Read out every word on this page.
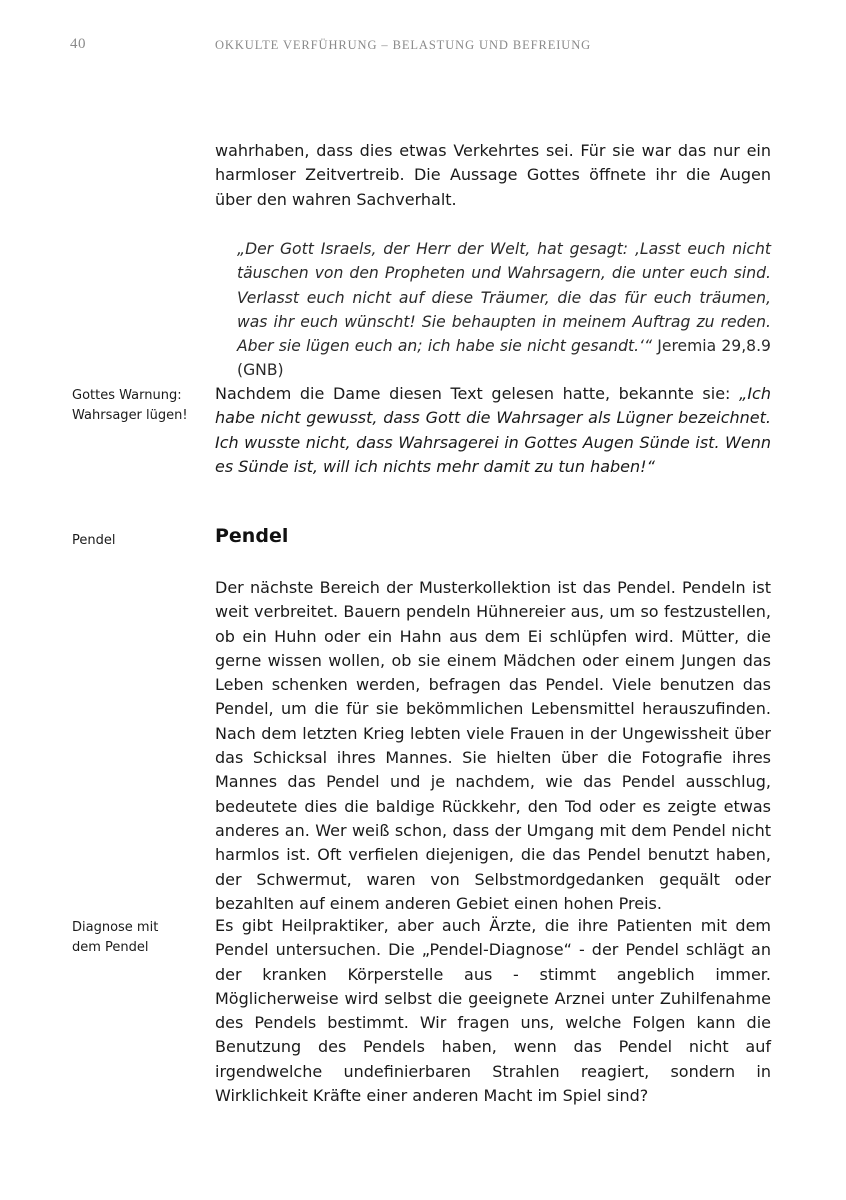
40	OKKULTE VERFÜHRUNG – BELASTUNG UND BEFREIUNG

wahrhaben, dass dies etwas Verkehrtes sei. Für sie war das nur ein harmloser Zeitvertreib. Die Aussage Gottes öffnete ihr die Augen über den wahren Sachverhalt.

„Der Gott Israels, der Herr der Welt, hat gesagt: ‚Lasst euch nicht täuschen von den Propheten und Wahrsagern, die unter euch sind. Verlasst euch nicht auf diese Träumer, die das für euch träumen, was ihr euch wünscht! Sie behaupten in meinem Auftrag zu reden. Aber sie lügen euch an; ich habe sie nicht gesandt.‘“ Jeremia 29,8.9 (GNB)

Gottes Warnung:
Wahrsager lügen!

Nachdem die Dame diesen Text gelesen hatte, bekannte sie: „Ich habe nicht gewusst, dass Gott die Wahrsager als Lügner bezeichnet. Ich wusste nicht, dass Wahrsagerei in Gottes Augen Sünde ist. Wenn es Sünde ist, will ich nichts mehr damit zu tun haben!“

Pendel	Pendel

Der nächste Bereich der Musterkollektion ist das Pendel. Pendeln ist weit verbreitet. Bauern pendeln Hühnereier aus, um so festzustellen, ob ein Huhn oder ein Hahn aus dem Ei schlüpfen wird. Mütter, die gerne wissen wollen, ob sie einem Mädchen oder einem Jungen das Leben schenken werden, befragen das Pendel. Viele benutzen das Pendel, um die für sie bekömmlichen Lebensmittel herauszufinden. Nach dem letzten Krieg lebten viele Frauen in der Ungewissheit über das Schicksal ihres Mannes. Sie hielten über die Fotografie ihres Mannes das Pendel und je nachdem, wie das Pendel ausschlug, bedeutete dies die baldige Rückkehr, den Tod oder es zeigte etwas anderes an. Wer weiß schon, dass der Umgang mit dem Pendel nicht harmlos ist. Oft verfielen diejenigen, die das Pendel benutzt haben, der Schwermut, waren von Selbstmordgedanken gequält oder bezahlten auf einem anderen Gebiet einen hohen Preis.

Diagnose mit
dem Pendel

Es gibt Heilpraktiker, aber auch Ärzte, die ihre Patienten mit dem Pendel untersuchen. Die „Pendel-Diagnose“ - der Pendel schlägt an der kranken Körperstelle aus - stimmt angeblich immer. Möglicherweise wird selbst die geeignete Arznei unter Zuhilfenahme des Pendels bestimmt. Wir fragen uns, welche Folgen kann die Benutzung des Pendels haben, wenn das Pendel nicht auf irgendwelche undefinierbaren Strahlen reagiert, sondern in Wirklichkeit Kräfte einer anderen Macht im Spiel sind?
